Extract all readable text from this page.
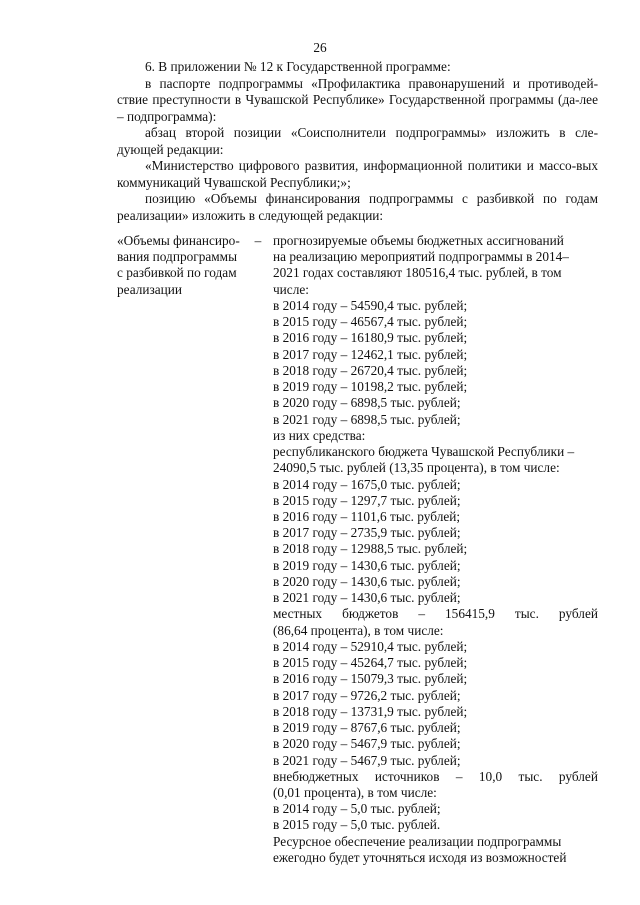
26

6. В приложении № 12 к Государственной программе:

в паспорте подпрограммы «Профилактика правонарушений и противодей-ствие преступности в Чувашской Республике» Государственной программы (да-лее – подпрограмма):

абзац второй позиции «Соисполнители подпрограммы» изложить в сле-дующей редакции:

«Министерство цифрового развития, информационной политики и массо-вых коммуникаций Чувашской Республики;»;

позицию «Объемы финансирования подпрограммы с разбивкой по годам реализации» изложить в следующей редакции:

«Объемы финансиро-
вания подпрограммы
с разбивкой по годам
реализации
– прогнозируемые объемы бюджетных ассигнований
на реализацию мероприятий подпрограммы в 2014–
2021 годах составляют 180516,4 тыс. рублей, в том
числе:
в 2014 году – 54590,4 тыс. рублей;
в 2015 году – 46567,4 тыс. рублей;
в 2016 году – 16180,9 тыс. рублей;
в 2017 году – 12462,1 тыс. рублей;
в 2018 году – 26720,4 тыс. рублей;
в 2019 году – 10198,2 тыс. рублей;
в 2020 году – 6898,5 тыс. рублей;
в 2021 году – 6898,5 тыс. рублей;
из них средства:
республиканского бюджета Чувашской Республики –
24090,5 тыс. рублей (13,35 процента), в том числе:
в 2014 году – 1675,0 тыс. рублей;
в 2015 году – 1297,7 тыс. рублей;
в 2016 году – 1101,6 тыс. рублей;
в 2017 году – 2735,9 тыс. рублей;
в 2018 году – 12988,5 тыс. рублей;
в 2019 году – 1430,6 тыс. рублей;
в 2020 году – 1430,6 тыс. рублей;
в 2021 году – 1430,6 тыс. рублей;
местных бюджетов – 156415,9 тыс. рублей
(86,64 процента), в том числе:
в 2014 году – 52910,4 тыс. рублей;
в 2015 году – 45264,7 тыс. рублей;
в 2016 году – 15079,3 тыс. рублей;
в 2017 году – 9726,2 тыс. рублей;
в 2018 году – 13731,9 тыс. рублей;
в 2019 году – 8767,6 тыс. рублей;
в 2020 году – 5467,9 тыс. рублей;
в 2021 году – 5467,9 тыс. рублей;
внебюджетных источников – 10,0 тыс. рублей
(0,01 процента), в том числе:
в 2014 году – 5,0 тыс. рублей;
в 2015 году – 5,0 тыс. рублей.
Ресурсное обеспечение реализации подпрограммы
ежегодно будет уточняться исходя из возможностей
